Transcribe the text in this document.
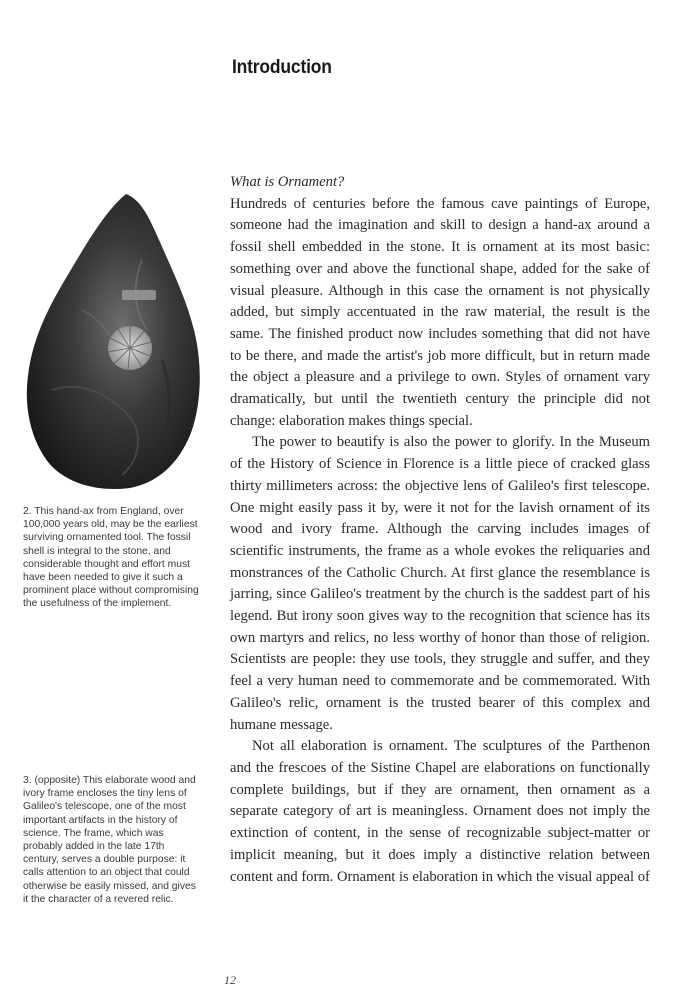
Introduction

2. This hand-ax from England, over 100,000 years old, may be the earliest surviving ornamented tool. The fossil shell is integral to the stone, and considerable thought and effort must have been needed to give it such a prominent place without compromising the usefulness of the implement.

3. (opposite) This elaborate wood and ivory frame encloses the tiny lens of Galileo's telescope, one of the most important artifacts in the history of science. The frame, which was probably added in the late 17th century, serves a double purpose: it calls attention to an object that could otherwise be easily missed, and gives it the character of a revered relic.

What is Ornament?

Hundreds of centuries before the famous cave paintings of Europe, someone had the imagination and skill to design a hand-ax around a fossil shell embedded in the stone. It is ornament at its most basic: something over and above the functional shape, added for the sake of visual pleasure. Although in this case the ornament is not physically added, but simply accentuated in the raw material, the result is the same. The finished product now includes something that did not have to be there, and made the artist's job more difficult, but in return made the object a pleasure and a privilege to own. Styles of ornament vary dramatically, but until the twentieth century the principle did not change: elaboration makes things special.

The power to beautify is also the power to glorify. In the Museum of the History of Science in Florence is a little piece of cracked glass thirty millimeters across: the objective lens of Galileo's first telescope. One might easily pass it by, were it not for the lavish ornament of its wood and ivory frame. Although the carving includes images of scientific instruments, the frame as a whole evokes the reliquaries and monstrances of the Catholic Church. At first glance the resemblance is jarring, since Galileo's treatment by the church is the saddest part of his legend. But irony soon gives way to the recognition that science has its own martyrs and relics, no less worthy of honor than those of religion. Scientists are people: they use tools, they struggle and suffer, and they feel a very human need to commemorate and be commemorated. With Galileo's relic, ornament is the trusted bearer of this complex and humane message.

Not all elaboration is ornament. The sculptures of the Parthenon and the frescoes of the Sistine Chapel are elaborations on functionally complete buildings, but if they are ornament, then ornament as a separate category of art is meaningless. Ornament does not imply the extinction of content, in the sense of recognizable subject-matter or implicit meaning, but it does imply a distinctive relation between content and form. Ornament is elaboration in which the visual appeal of

12
